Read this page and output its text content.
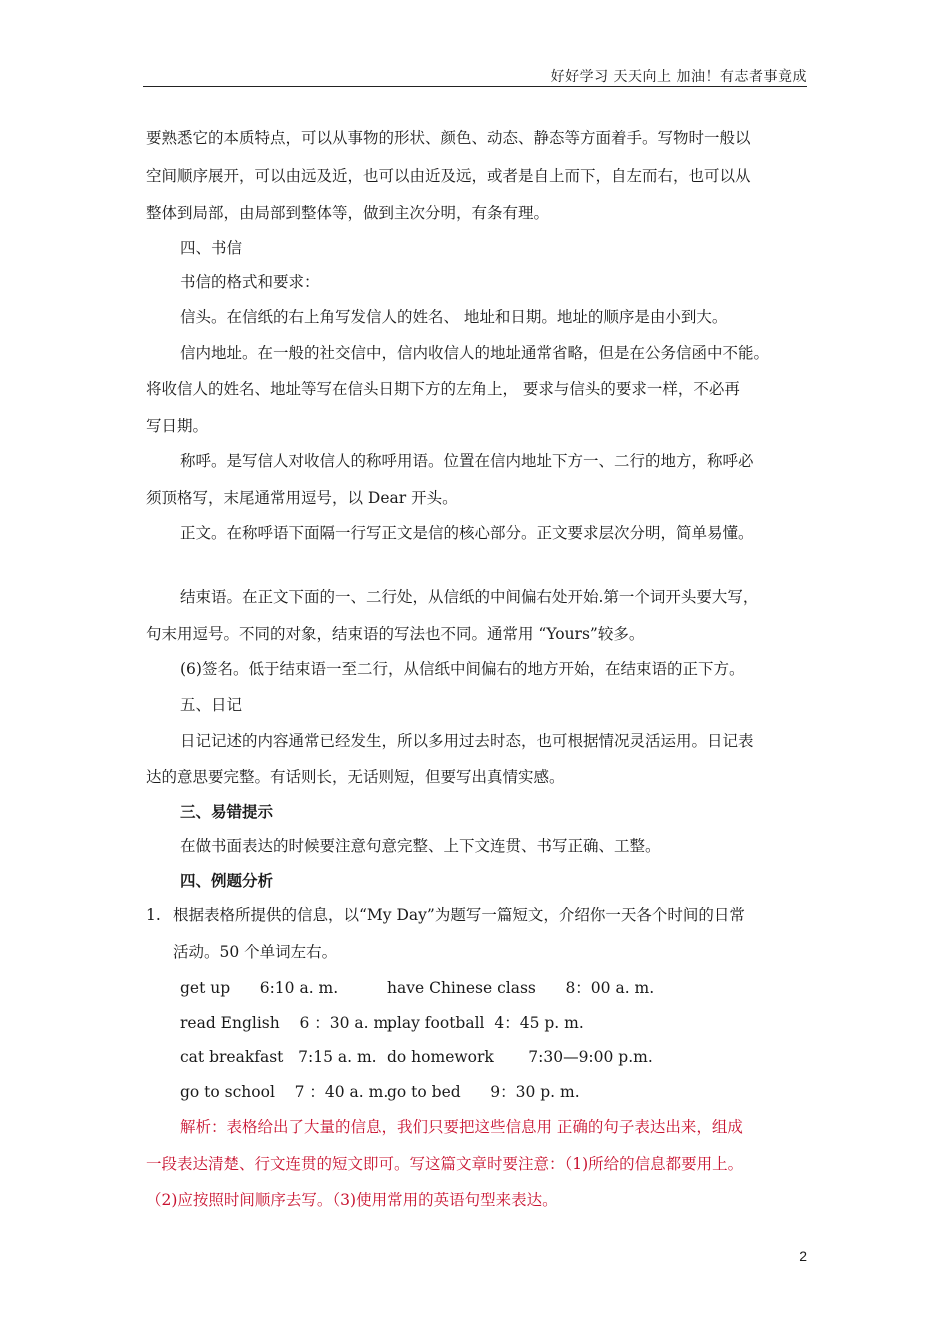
好好学习 天天向上 加油！有志者事竟成
要熟悉它的本质特点，可以从事物的形状、颜色、动态、静态等方面着手。写物时一般以
空间顺序展开，可以由远及近，也可以由近及远，或者是自上而下，自左而右，也可以从
整体到局部，由局部到整体等，做到主次分明，有条有理。
四、书信
书信的格式和要求：
信头。在信纸的右上角写发信人的姓名、 地址和日期。地址的顺序是由小到大。
信内地址。在一般的社交信中，信内收信人的地址通常省略，但是在公务信函中不能。
将收信人的姓名、地址等写在信头日期下方的左角上， 要求与信头的要求一样，不必再
写日期。
称呼。是写信人对收信人的称呼用语。位置在信内地址下方一、二行的地方，称呼必
须顶格写，末尾通常用逗号，以 Dear 开头。
正文。在称呼语下面隔一行写正文是信的核心部分。正文要求层次分明，简单易懂。
结束语。在正文下面的一、二行处，从信纸的中间偏右处开始.第一个词开头要大写，
句末用逗号。不同的对象，结束语的写法也不同。通常用 “Yours”较多。
(6)签名。低于结束语一至二行，从信纸中间偏右的地方开始，在结束语的正下方。
五、日记
日记记述的内容通常已经发生，所以多用过去时态，也可根据情况灵活运用。日记表
达的意思要完整。有话则长，无话则短，但要写出真情实感。
三、易错提示
在做书面表达的时候要注意句意完整、上下文连贯、书写正确、工整。
四、例题分析
1. 根据表格所提供的信息，以“My Day”为题写一篇短文，介绍你一天各个时间的日常
活动。50 个单词左右。
get up      6:10 a. m.	have Chinese class      8：00 a. m.
read English    6 ：30 a. m.
play football  4：45 p. m.
cat breakfast   7:15 a. m. do homework       7:30—9:00 p.m.
go to school    7 ：40 a. m.
go to bed      9：30 p. m.
解析：表格给出了大量的信息，我们只要把这些信息用 正确的句子表达出来，组成
一段表达清楚、行文连贯的短文即可。写这篇文章时要注意：（1)所给的信息都要用上。
（2)应按照时间顺序去写。（3)使用常用的英语句型来表达。
2
